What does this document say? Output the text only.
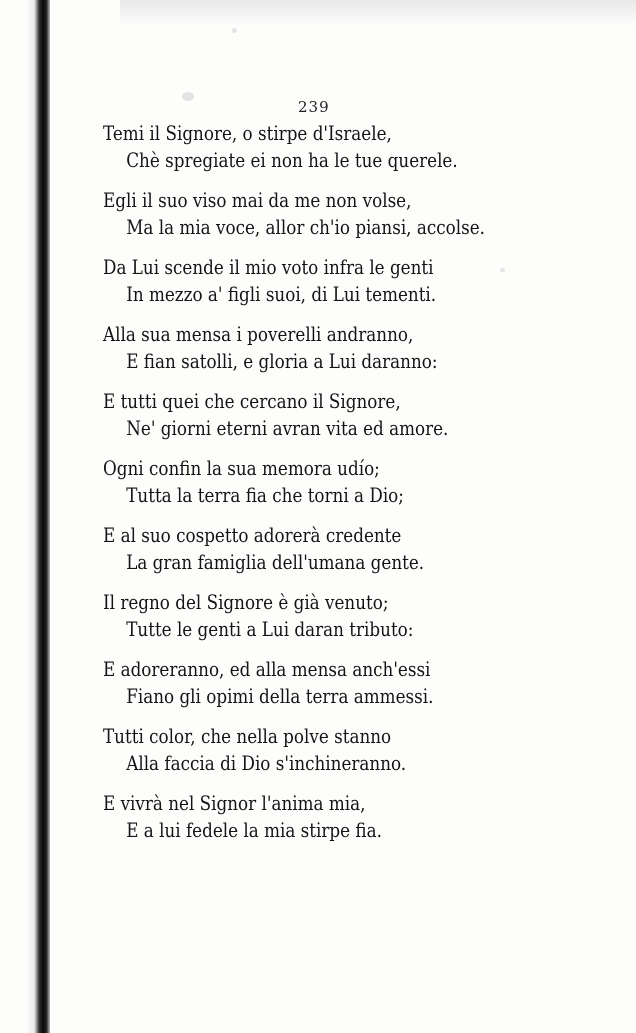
239
Temi il Signore, o stirpe d'Israele,
Chè spregiate ei non ha le tue querele.
Egli il suo viso mai da me non volse,
Ma la mia voce, allor ch'io piansi, accolse.
Da Lui scende il mio voto infra le genti
In mezzo a' figli suoi, di Lui tementi.
Alla sua mensa i poverelli andranno,
E fian satolli, e gloria a Lui daranno:
E tutti quei che cercano il Signore,
Ne' giorni eterni avran vita ed amore.
Ogni confin la sua memora udío;
Tutta la terra fia che torni a Dio;
E al suo cospetto adorerà credente
La gran famiglia dell'umana gente.
Il regno del Signore è già venuto;
Tutte le genti a Lui daran tributo:
E adoreranno, ed alla mensa anch'essi
Fiano gli opimi della terra ammessi.
Tutti color, che nella polve stanno
Alla faccia di Dio s'inchineranno.
E vivrà nel Signor l'anima mia,
E a lui fedele la mia stirpe fia.
